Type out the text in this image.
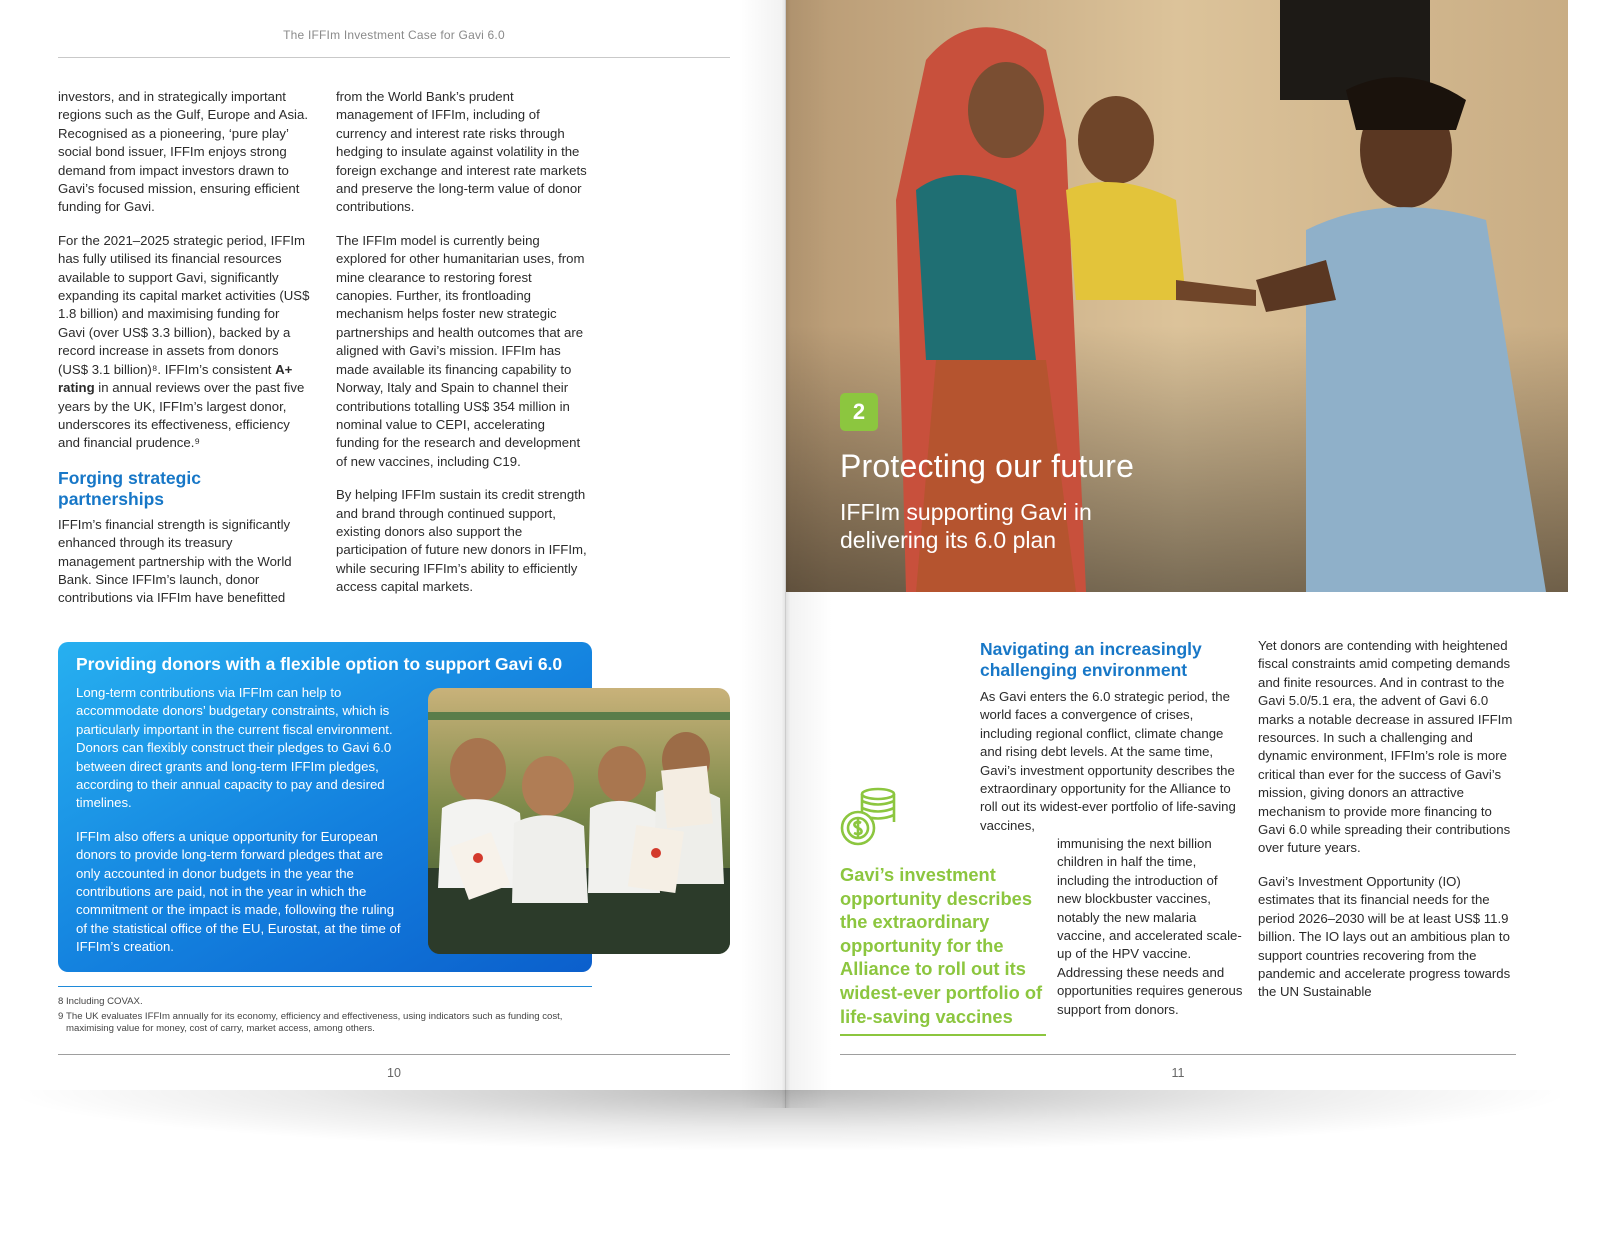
The IFFIm Investment Case for Gavi 6.0

investors, and in strategically important regions such as the Gulf, Europe and Asia. Recognised as a pioneering, ‘pure play’ social bond issuer, IFFIm enjoys strong demand from impact investors drawn to Gavi’s focused mission, ensuring efficient funding for Gavi.

For the 2021–2025 strategic period, IFFIm has fully utilised its financial resources available to support Gavi, significantly expanding its capital market activities (US$ 1.8 billion) and maximising funding for Gavi (over US$ 3.3 billion), backed by a record increase in assets from donors (US$ 3.1 billion)⁸. IFFIm’s consistent A+ rating in annual reviews over the past five years by the UK, IFFIm’s largest donor, underscores its effectiveness, efficiency and financial prudence.⁹

Forging strategic partnerships

IFFIm’s financial strength is significantly enhanced through its treasury management partnership with the World Bank. Since IFFIm’s launch, donor contributions via IFFIm have benefitted

from the World Bank’s prudent management of IFFIm, including of currency and interest rate risks through hedging to insulate against volatility in the foreign exchange and interest rate markets and preserve the long-term value of donor contributions.

The IFFIm model is currently being explored for other humanitarian uses, from mine clearance to restoring forest canopies. Further, its frontloading mechanism helps foster new strategic partnerships and health outcomes that are aligned with Gavi’s mission. IFFIm has made available its financing capability to Norway, Italy and Spain to channel their contributions totalling US$ 354 million in nominal value to CEPI, accelerating funding for the research and development of new vaccines, including C19.

By helping IFFIm sustain its credit strength and brand through continued support, existing donors also support the participation of future new donors in IFFIm, while securing IFFIm’s ability to efficiently access capital markets.

Providing donors with a flexible option to support Gavi 6.0

Long-term contributions via IFFIm can help to accommodate donors’ budgetary constraints, which is particularly important in the current fiscal environment. Donors can flexibly construct their pledges to Gavi 6.0 between direct grants and long-term IFFIm pledges, according to their annual capacity to pay and desired timelines.

IFFIm also offers a unique opportunity for European donors to provide long-term forward pledges that are only accounted in donor budgets in the year the contributions are paid, not in the year in which the commitment or the impact is made, following the ruling of the statistical office of the EU, Eurostat, at the time of IFFIm’s creation.

8 Including COVAX.
9 The UK evaluates IFFIm annually for its economy, efficiency and effectiveness, using indicators such as funding cost, maximising value for money, cost of carry, market access, among others.
10
2
Protecting our future
IFFIm supporting Gavi in delivering its 6.0 plan
Gavi’s investment opportunity describes the extraordinary opportunity for the Alliance to roll out its widest-ever portfolio of life-saving vaccines
Navigating an increasingly challenging environment
As Gavi enters the 6.0 strategic period, the world faces a convergence of crises, including regional conflict, climate change and rising debt levels. At the same time, Gavi’s investment opportunity describes the extraordinary opportunity for the Alliance to roll out its widest-ever portfolio of life-saving vaccines,
immunising the next billion children in half the time, including the introduction of new blockbuster vaccines, notably the new malaria vaccine, and accelerated scale-up of the HPV vaccine. Addressing these needs and opportunities requires generous support from donors.

Yet donors are contending with heightened fiscal constraints amid competing demands and finite resources. And in contrast to the Gavi 5.0/5.1 era, the advent of Gavi 6.0 marks a notable decrease in assured IFFIm resources. In such a challenging and dynamic environment, IFFIm’s role is more critical than ever for the success of Gavi’s mission, giving donors an attractive mechanism to provide more financing to Gavi 6.0 while spreading their contributions over future years.

Gavi’s Investment Opportunity (IO) estimates that its financial needs for the period 2026–2030 will be at least US$ 11.9 billion. The IO lays out an ambitious plan to support countries recovering from the pandemic and accelerate progress towards the UN Sustainable

11
